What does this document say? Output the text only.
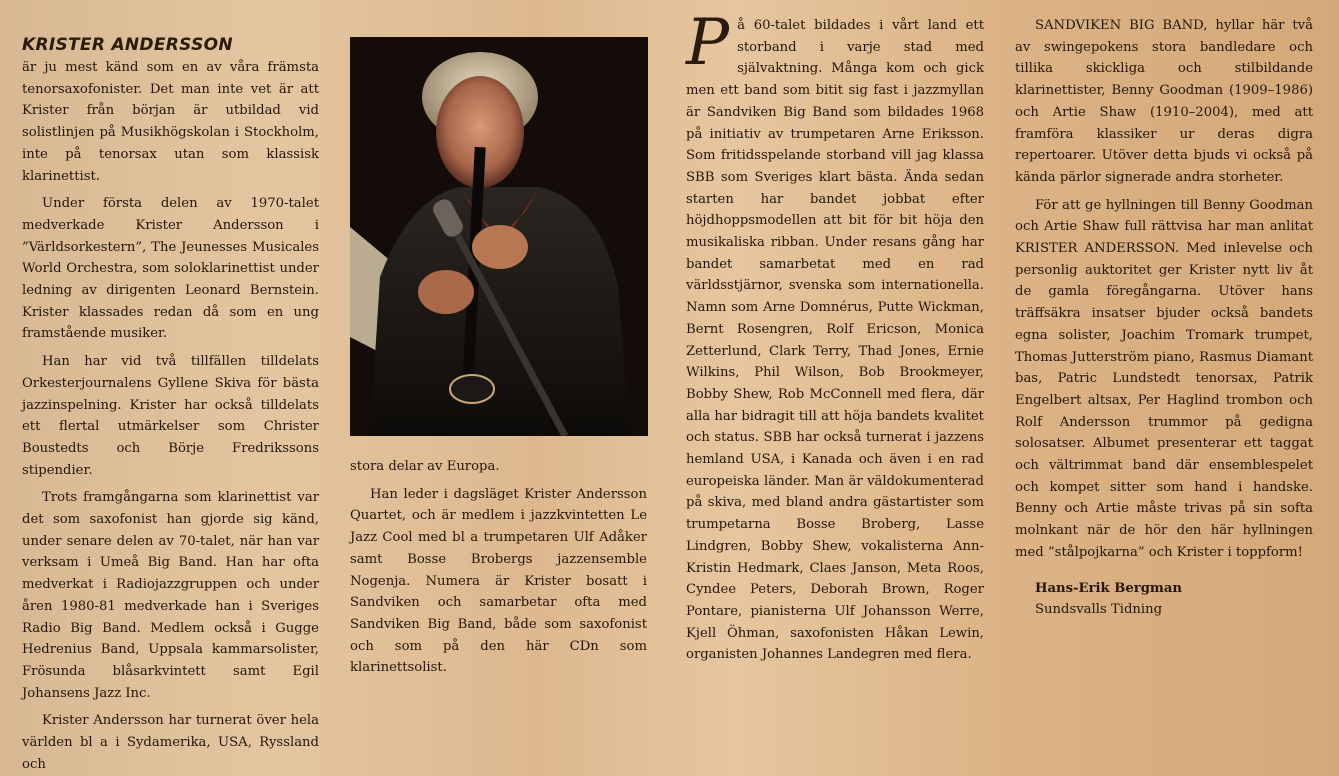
KRISTER ANDERSSON

är ju mest känd som en av våra främsta tenorsaxofonister. Det man inte vet är att Krister från början är utbildad vid solistlinjen på Musikhögskolan i Stockholm, inte på tenorsax utan som klassisk klarinettist.

Under första delen av 1970-talet medverkade Krister Andersson i ”Världsorkestern”, The Jeunesses Musicales World Orchestra, som soloklarinettist under ledning av dirigenten Leonard Bernstein. Krister klassades redan då som en ung framstående musiker.

Han har vid två tillfällen tilldelats Orkesterjournalens Gyllene Skiva för bästa jazzinspelning. Krister har också tilldelats ett flertal utmärkelser som Christer Boustedts och Börje Fredrikssons stipendier.

Trots framgångarna som klarinettist var det som saxofonist han gjorde sig känd, under senare delen av 70-talet, när han var verksam i Umeå Big Band. Han har ofta medverkat i Radiojazzgruppen och under åren 1980-81 medverkade han i Sveriges Radio Big Band. Medlem också i Gugge Hedrenius Band, Uppsala kammarsolister, Frösunda blåsarkvintett samt Egil Johansens Jazz Inc.

Krister Andersson har turnerat över hela världen bl a i Sydamerika, USA, Ryssland och

stora delar av Europa.

Han leder i dagsläget Krister Andersson Quartet, och är medlem i jazzkvintetten Le Jazz Cool med bl a trumpetaren Ulf Adåker samt Bosse Brobergs jazzensemble Nogenja. Numera är Krister bosatt i Sandviken och samarbetar ofta med Sandviken Big Band, både som saxofonist och som på den här CDn som klarinettsolist.

På 60-talet bildades i vårt land ett storband i varje stad med självaktning. Många kom och gick men ett band som bitit sig fast i jazzmyllan är Sandviken Big Band som bildades 1968 på initiativ av trumpetaren Arne Eriksson. Som fritidsspelande storband vill jag klassa SBB som Sveriges klart bästa. Ända sedan starten har bandet jobbat efter höjdhoppsmodellen att bit för bit höja den musikaliska ribban. Under resans gång har bandet samarbetat med en rad världsstjärnor, svenska som internationella. Namn som Arne Domnérus, Putte Wickman, Bernt Rosengren, Rolf Ericson, Monica Zetterlund, Clark Terry, Thad Jones, Ernie Wilkins, Phil Wilson, Bob Brookmeyer, Bobby Shew, Rob McConnell med flera, där alla har bidragit till att höja bandets kvalitet och status. SBB har också turnerat i jazzens hemland USA, i Kanada och även i en rad europeiska länder. Man är väldokumenterad på skiva, med bland andra gästartister som trumpetarna Bosse Broberg, Lasse Lindgren, Bobby Shew, vokalisterna Ann-Kristin Hedmark, Claes Janson, Meta Roos, Cyndee Peters, Deborah Brown, Roger Pontare, pianisterna Ulf Johansson Werre, Kjell Öhman, saxofonisten Håkan Lewin, organisten Johannes Landegren med flera.

SANDVIKEN BIG BAND, hyllar här två av swingepokens stora bandledare och tillika skickliga och stilbildande klarinettister, Benny Goodman (1909–1986) och Artie Shaw (1910–2004), med att framföra klassiker ur deras digra repertoarer. Utöver detta bjuds vi också på kända pärlor signerade andra storheter.

För att ge hyllningen till Benny Goodman och Artie Shaw full rättvisa har man anlitat KRISTER ANDERSSON. Med inlevelse och personlig auktoritet ger Krister nytt liv åt de gamla föregångarna. Utöver hans träffsäkra insatser bjuder också bandets egna solister, Joachim Tromark trumpet, Thomas Jutterström piano, Rasmus Diamant bas, Patric Lundstedt tenorsax, Patrik Engelbert altsax, Per Haglind trombon och Rolf Andersson trummor på gedigna solosatser. Albumet presenterar ett taggat och vältrimmat band där ensemblespelet och kompet sitter som hand i handske. Benny och Artie måste trivas på sin softa molnkant när de hör den här hyllningen med ”stålpojkarna” och Krister i toppform!

Hans-Erik Bergman
Sundsvalls Tidning
